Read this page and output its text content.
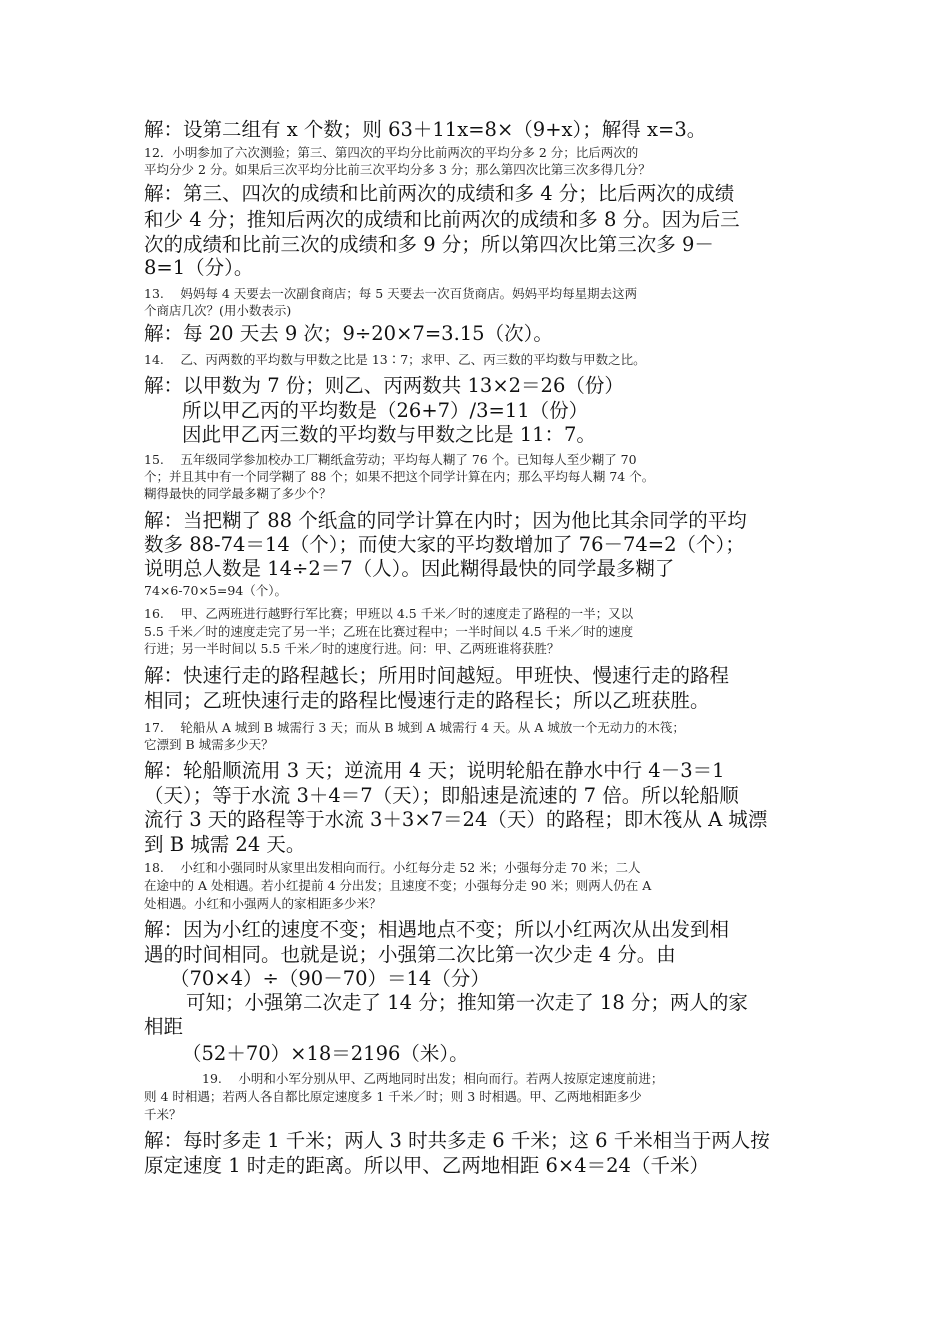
解：设第二组有 x 个数；则 63＋11x=8×（9+x）；解得 x=3。
12．小明参加了六次测验；第三、第四次的平均分比前两次的平均分多 2 分；比后两次的
平均分少 2 分。如果后三次平均分比前三次平均分多 3 分；那么第四次比第三次多得几分？
解：第三、四次的成绩和比前两次的成绩和多 4 分；比后两次的成绩
和少 4 分；推知后两次的成绩和比前两次的成绩和多 8 分。因为后三
次的成绩和比前三次的成绩和多 9 分；所以第四次比第三次多 9－
8=1（分）。
13.　 妈妈每 4 天要去一次副食商店；每 5 天要去一次百货商店。妈妈平均每星期去这两
个商店几次？(用小数表示)
解：每 20 天去 9 次；9÷20×7=3.15（次）。
14.　 乙、丙两数的平均数与甲数之比是 13∶7；求甲、乙、丙三数的平均数与甲数之比。
解：以甲数为 7 份；则乙、丙两数共 13×2＝26（份）
所以甲乙丙的平均数是（26+7）/3=11（份）
因此甲乙丙三数的平均数与甲数之比是 11：7。
15.　 五年级同学参加校办工厂糊纸盒劳动；平均每人糊了 76 个。已知每人至少糊了 70
个；并且其中有一个同学糊了 88 个；如果不把这个同学计算在内；那么平均每人糊 74 个。
糊得最快的同学最多糊了多少个？
解：当把糊了 88 个纸盒的同学计算在内时；因为他比其余同学的平均
数多 88-74＝14（个）；而使大家的平均数增加了 76－74=2（个）；
说明总人数是 14÷2＝7（人）。因此糊得最快的同学最多糊了
74×6-70×5=94（个）。
16.　 甲、乙两班进行越野行军比赛；甲班以 4.5 千米／时的速度走了路程的一半；又以
5.5 千米／时的速度走完了另一半；乙班在比赛过程中；一半时间以 4.5 千米／时的速度
行进；另一半时间以 5.5 千米／时的速度行进。问：甲、乙两班谁将获胜？
解：快速行走的路程越长；所用时间越短。甲班快、慢速行走的路程
相同；乙班快速行走的路程比慢速行走的路程长；所以乙班获胜。
17.　 轮船从 A 城到 B 城需行 3 天；而从 B 城到 A 城需行 4 天。从 A 城放一个无动力的木筏；
它漂到 B 城需多少天？
解：轮船顺流用 3 天；逆流用 4 天；说明轮船在静水中行 4－3＝1
（天）；等于水流 3＋4＝7（天）；即船速是流速的 7 倍。所以轮船顺
流行 3 天的路程等于水流 3＋3×7＝24（天）的路程；即木筏从 A 城漂
到 B 城需 24 天。
18.　 小红和小强同时从家里出发相向而行。小红每分走 52 米；小强每分走 70 米；二人
在途中的 A 处相遇。若小红提前 4 分出发；且速度不变；小强每分走 90 米；则两人仍在 A
处相遇。小红和小强两人的家相距多少米？
解：因为小红的速度不变；相遇地点不变；所以小红两次从出发到相
遇的时间相同。也就是说；小强第二次比第一次少走 4 分。由
（70×4）÷（90－70）＝14（分）
可知；小强第二次走了 14 分；推知第一次走了 18 分；两人的家
相距
（52＋70）×18＝2196（米）。
19.　 小明和小军分别从甲、乙两地同时出发；相向而行。若两人按原定速度前进；
则 4 时相遇；若两人各自都比原定速度多 1 千米／时；则 3 时相遇。甲、乙两地相距多少
千米？
解：每时多走 1 千米；两人 3 时共多走 6 千米；这 6 千米相当于两人按
原定速度 1 时走的距离。所以甲、乙两地相距 6×4＝24（千米）
